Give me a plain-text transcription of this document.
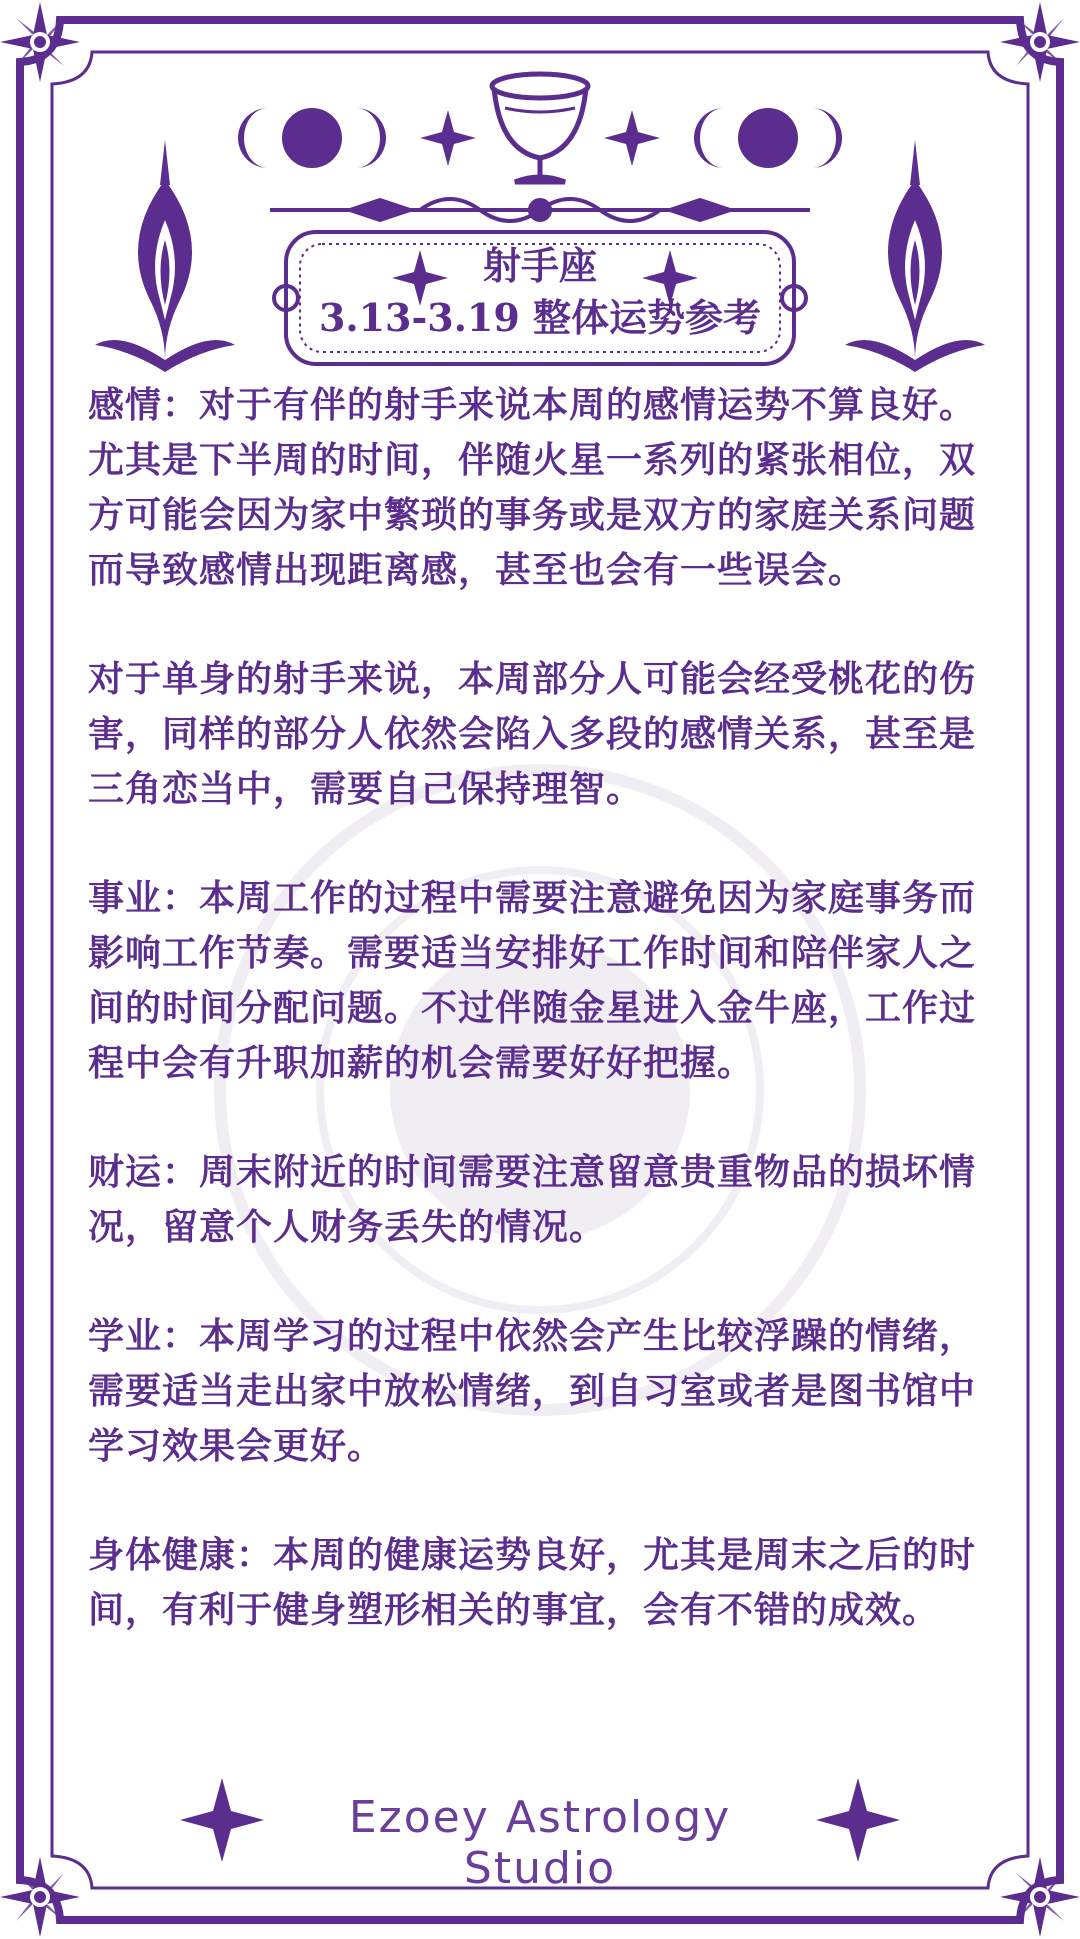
射手座
3.13-3.19 整体运势参考

感情：对于有伴的射手来说本周的感情运势不算良好。尤其是下半周的时间，伴随火星一系列的紧张相位，双方可能会因为家中繁琐的事务或是双方的家庭关系问题而导致感情出现距离感，甚至也会有一些误会。

对于单身的射手来说，本周部分人可能会经受桃花的伤害，同样的部分人依然会陷入多段的感情关系，甚至是三角恋当中，需要自己保持理智。

事业：本周工作的过程中需要注意避免因为家庭事务而影响工作节奏。需要适当安排好工作时间和陪伴家人之间的时间分配问题。不过伴随金星进入金牛座，工作过程中会有升职加薪的机会需要好好把握。

财运：周末附近的时间需要注意留意贵重物品的损坏情况，留意个人财务丢失的情况。

学业：本周学习的过程中依然会产生比较浮躁的情绪，需要适当走出家中放松情绪，到自习室或者是图书馆中学习效果会更好。

身体健康：本周的健康运势良好，尤其是周末之后的时间，有利于健身塑形相关的事宜，会有不错的成效。

Ezoey Astrology Studio
